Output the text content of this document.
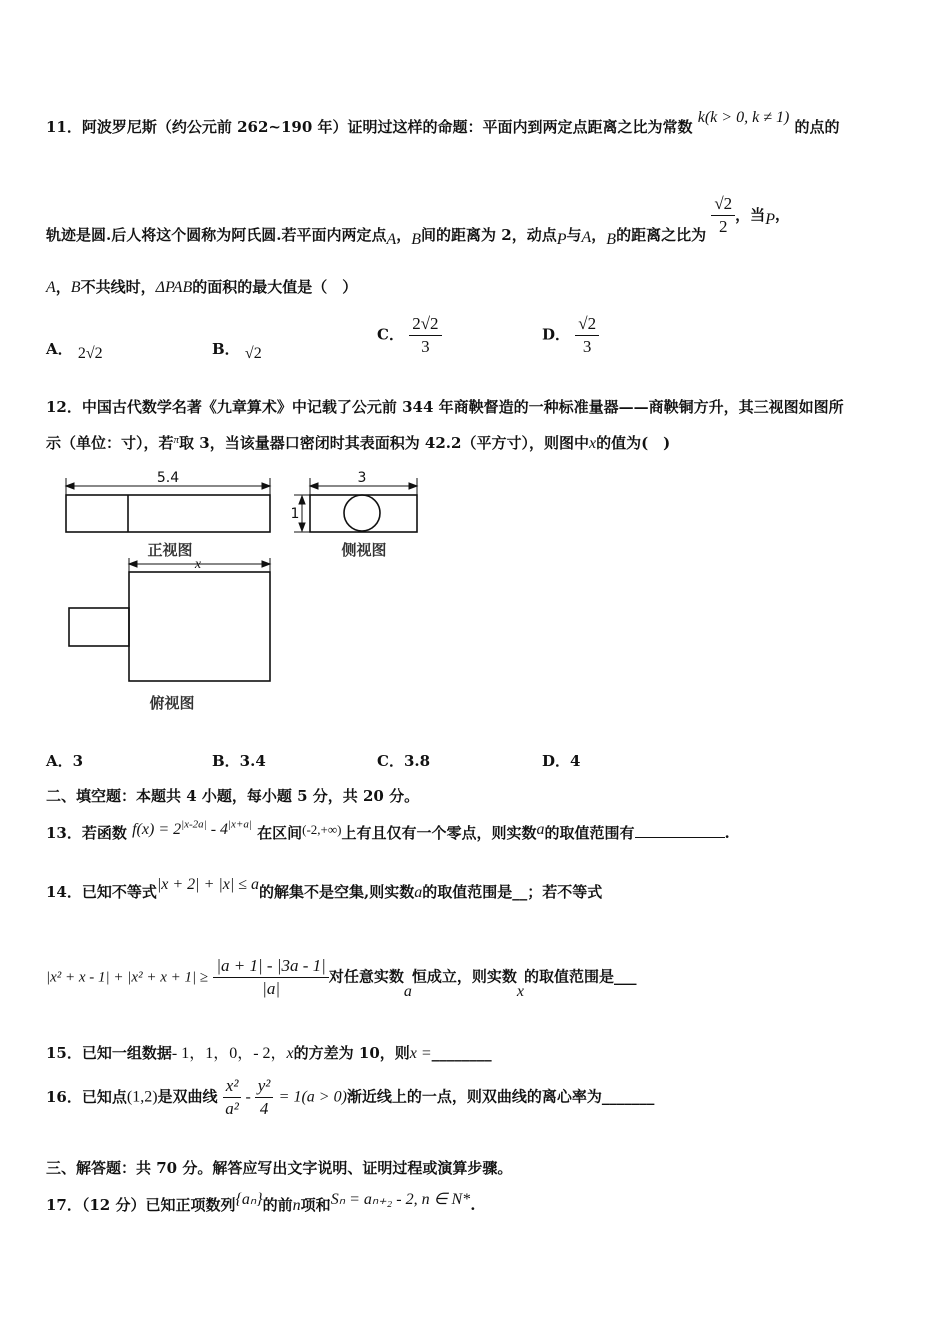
11．阿波罗尼斯（约公元前 262~190 年）证明过这样的命题：平面内到两定点距离之比为常数 k(k > 0, k ≠ 1) 的点的
轨迹是圆.后人将这个圆称为阿氏圆.若平面内两定点A，B间的距离为 2，动点P与A，B的距离之比为 $\frac{√2}{2}$ ，当P，
A，B不共线时，ΔPAB的面积的最大值是（　）
A． 2√2	B． √2
C． $\frac{2√2}{3}$	D． $\frac{√2}{3}$
12．中国古代数学名著《九章算术》中记载了公元前 344 年商鞅督造的一种标准量器——商鞅铜方升，其三视图如图所
示（单位：寸），若$^\pi$取 3，当该量器口密闭时其表面积为 42.2（平方寸），则图中x的值为(　)
5.4
正视图
3
1
侧视图
x
俯视图
A．3	B．3.4	C．3.8	D．4
二、填空题：本题共 4 小题，每小题 5 分，共 20 分。
13．若函数 $f(x) = 2^{|x-2a|} - 4^{|x+a|}$ 在区间(-2,+∞)上有且仅有一个零点，则实数a的取值范围有	.
14．已知不等式|x + 2| + |x| ≤ a的解集不是空集,则实数a的取值范围是__；若不等式
$|x^2 + x - 1| + |x^2 + x + 1| \ge \frac{|a + 1| - |3a - 1|}{|a|}$ 对任意实数a恒成立，则实数x的取值范围是___
15．已知一组数据- 1，1，0，- 2，x的方差为 10，则x =________
16．已知点(1,2)是双曲线 $\frac{\text{x²}}{\text{a²}} - \frac{\text{y²}}{4} = 1(a > 0)$渐近线上的一点，则双曲线的离心率为_______
三、解答题：共 70 分。解答应写出文字说明、证明过程或演算步骤。
17．（12 分）已知正项数列{aₙ}的前n项和Sₙ = aₙ₊₂ - 2, n ∈ N*.
